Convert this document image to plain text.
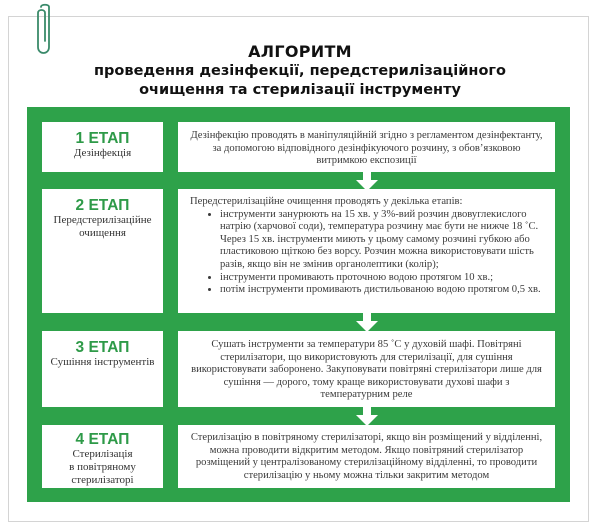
АЛГОРИТМ
проведення дезінфекції, передстерилізаційного
очищення та стерилізації інструменту
1 ЕТАП
Дезінфекція
Дезінфекцію проводять в маніпуляційній згідно з регламентом дезінфектанту, за допомогою відповідного дезінфікуючого розчину, з обов’язковою витримкою експозиції
2 ЕТАП
Передстерилізаційне очищення
Передстерилізаційне очищення проводять у декілька етапів:
• інструменти занурюють на 15 хв. у 3%-вий розчин двовуглекислого натрію (харчової соди), температура розчину має бути не нижче 18 ˚С. Через 15 хв. інструменти миють у цьому самому розчині губкою або пластиковою щіткою без ворсу. Розчин можна використовувати шість разів, якщо він не змінив органолептики (колір);
• інструменти промивають проточною водою протягом 10 хв.;
• потім інструменти промивають дистильованою водою протягом 0,5 хв.
3 ЕТАП
Сушіння інструментів
Сушать інструменти за температури 85 ˚С у духовій шафі. Повітряні стерилізатори, що використовують для стерилізації, для сушіння використовувати заборонено. Закуповувати повітряні стерилізатори лише для сушіння — дорого, тому краще використовувати духові шафи з температурним реле
4 ЕТАП
Стерилізація
в повітряному
стерилізаторі
Стерилізацію в повітряному стерилізаторі, якщо він розміщений у відділенні, можна проводити відкритим методом. Якщо повітряний стерилізатор розміщений у централізованому стерилізаційному відділенні, то проводити стерилізацію у ньому можна тільки закритим методом
